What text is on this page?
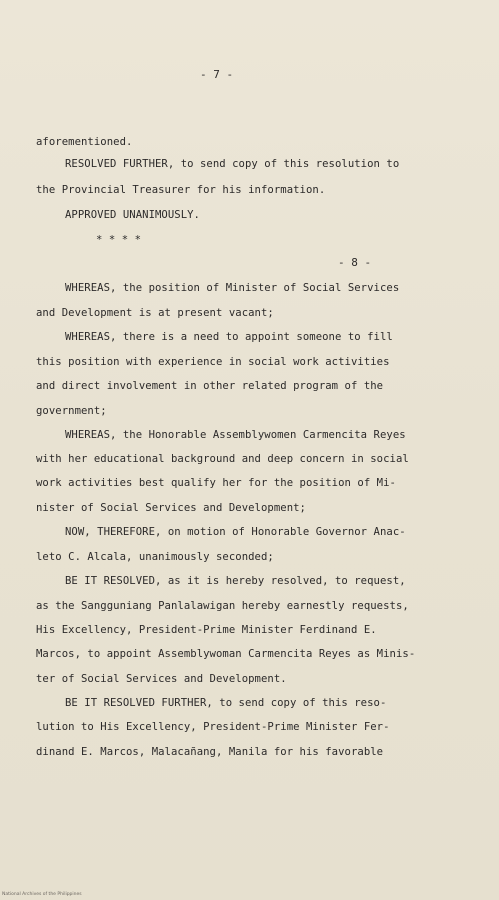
- 7 -
aforementioned.
RESOLVED FURTHER, to send copy of this resolution to
the Provincial Treasurer for his information.
APPROVED UNANIMOUSLY.
* * * *
- 8 -
WHEREAS, the position of Minister of Social Services
and Development is at present vacant;
WHEREAS, there is a need to appoint someone to fill
this position with experience in social work activities
and direct involvement in other related program of the
government;
WHEREAS, the Honorable Assemblywomen Carmencita Reyes
with her educational background and deep concern in social
work activities best qualify her for the position of Mi-
nister of Social Services and Development;
NOW, THEREFORE, on motion of Honorable Governor Anac-
leto C. Alcala, unanimously seconded;
BE IT RESOLVED, as it is hereby resolved, to request,
as the Sangguniang Panlalawigan hereby earnestly requests,
His Excellency, President-Prime Minister Ferdinand E.
Marcos, to appoint Assemblywoman Carmencita Reyes as Minis-
ter of Social Services and Development.
BE IT RESOLVED FURTHER, to send copy of this reso-
lution to His Excellency, President-Prime Minister Fer-
dinand E. Marcos, Malacañang, Manila for his favorable
National Archives of the Philippines
